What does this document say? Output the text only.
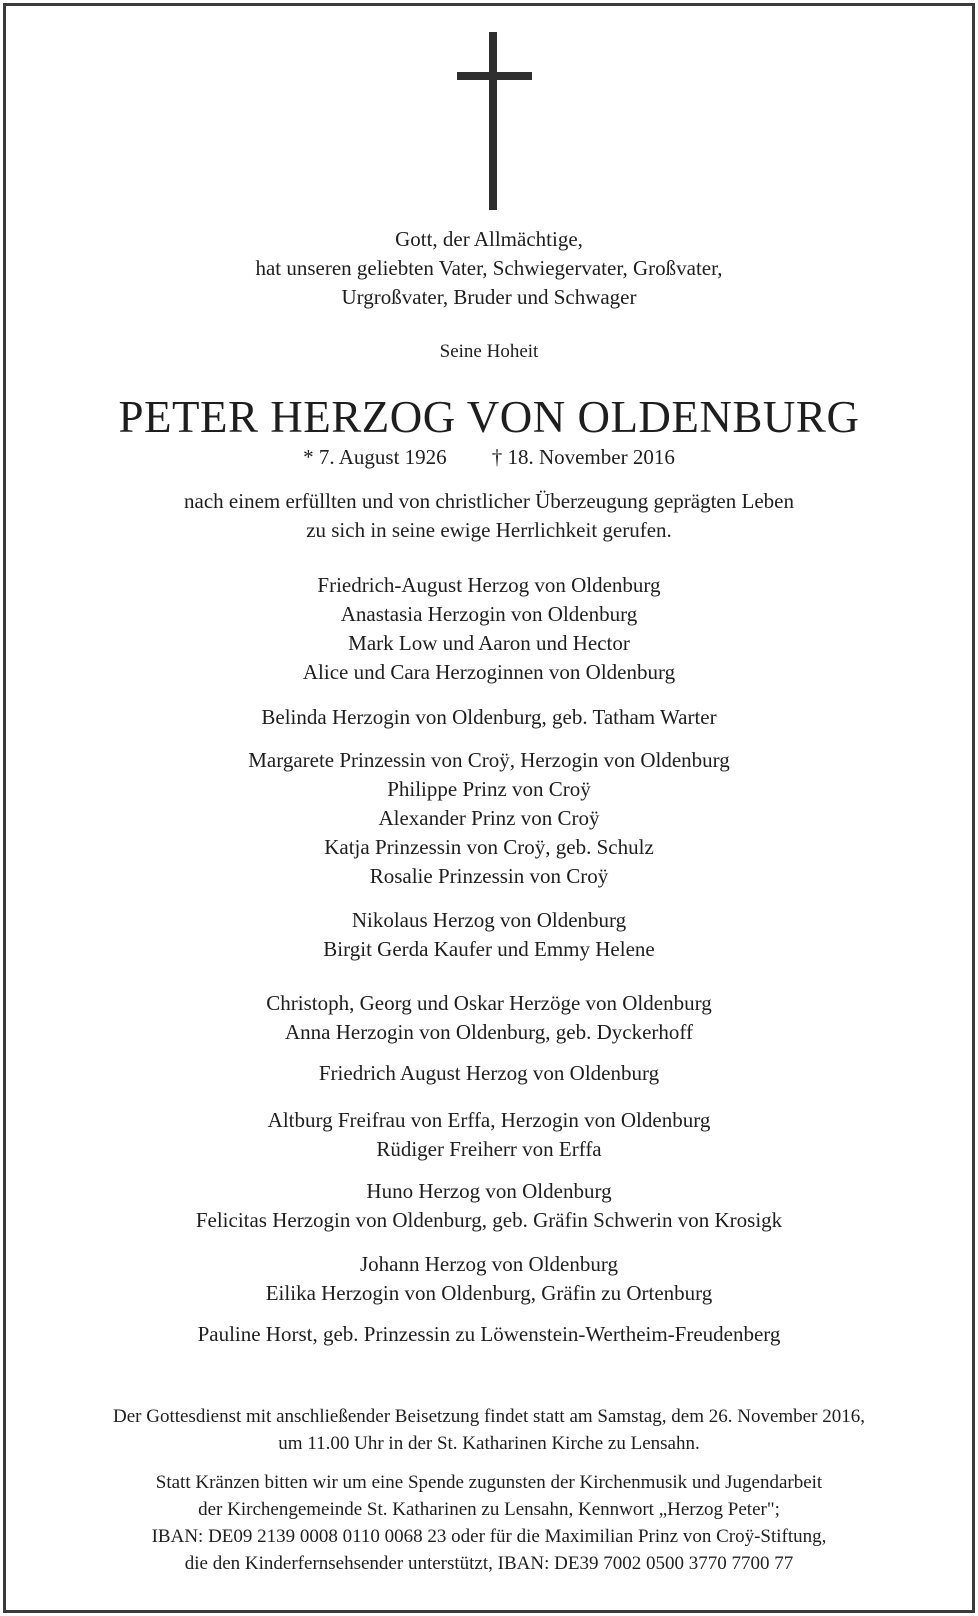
Gott, der Allmächtige,
hat unseren geliebten Vater, Schwiegervater, Großvater,
Urgroßvater, Bruder und Schwager
Seine Hoheit
PETER HERZOG VON OLDENBURG
* 7. August 1926 † 18. November 2016
nach einem erfüllten und von christlicher Überzeugung geprägten Leben
zu sich in seine ewige Herrlichkeit gerufen.
Friedrich-August Herzog von Oldenburg
Anastasia Herzogin von Oldenburg
Mark Low und Aaron und Hector
Alice und Cara Herzoginnen von Oldenburg
Belinda Herzogin von Oldenburg, geb. Tatham Warter
Margarete Prinzessin von Croÿ, Herzogin von Oldenburg
Philippe Prinz von Croÿ
Alexander Prinz von Croÿ
Katja Prinzessin von Croÿ, geb. Schulz
Rosalie Prinzessin von Croÿ
Nikolaus Herzog von Oldenburg
Birgit Gerda Kaufer und Emmy Helene
Christoph, Georg und Oskar Herzöge von Oldenburg
Anna Herzogin von Oldenburg, geb. Dyckerhoff
Friedrich August Herzog von Oldenburg
Altburg Freifrau von Erffa, Herzogin von Oldenburg
Rüdiger Freiherr von Erffa
Huno Herzog von Oldenburg
Felicitas Herzogin von Oldenburg, geb. Gräfin Schwerin von Krosigk
Johann Herzog von Oldenburg
Eilika Herzogin von Oldenburg, Gräfin zu Ortenburg
Pauline Horst, geb. Prinzessin zu Löwenstein-Wertheim-Freudenberg
Der Gottesdienst mit anschließender Beisetzung findet statt am Samstag, dem 26. November 2016,
um 11.00 Uhr in der St. Katharinen Kirche zu Lensahn.
Statt Kränzen bitten wir um eine Spende zugunsten der Kirchenmusik und Jugendarbeit
der Kirchengemeinde St. Katharinen zu Lensahn, Kennwort „Herzog Peter";
IBAN: DE09 2139 0008 0110 0068 23 oder für die Maximilian Prinz von Croÿ-Stiftung,
die den Kinderfernsehsender unterstützt, IBAN: DE39 7002 0500 3770 7700 77
